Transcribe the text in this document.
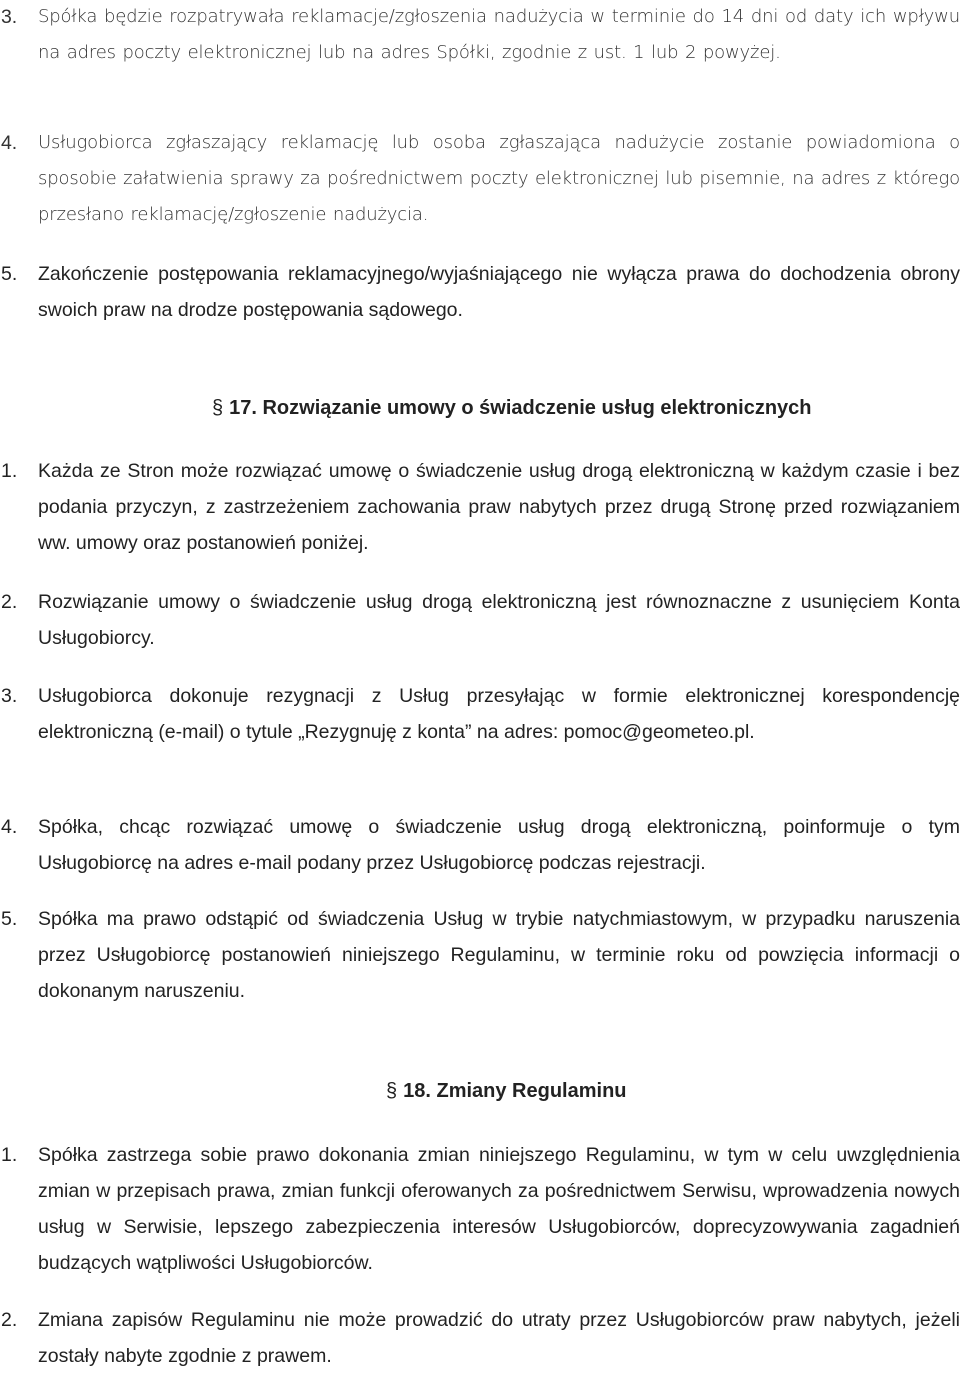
3.	Spółka będzie rozpatrywała reklamacje/zgłoszenia nadużycia w terminie do 14 dni od daty ich wpływu na adres poczty elektronicznej lub na adres Spółki, zgodnie z ust. 1 lub 2 powyżej.
4.	Usługobiorca zgłaszający reklamację lub osoba zgłaszająca nadużycie zostanie powiadomiona o sposobie załatwienia sprawy za pośrednictwem poczty elektronicznej lub pisemnie, na adres z którego przesłano reklamację/zgłoszenie nadużycia.
5.	Zakończenie postępowania reklamacyjnego/wyjaśniającego nie wyłącza prawa do dochodzenia obrony swoich praw na drodze postępowania sądowego.
§ 17. Rozwiązanie umowy o świadczenie usług elektronicznych
1.	Każda ze Stron może rozwiązać umowę o świadczenie usług drogą elektroniczną w każdym czasie i bez podania przyczyn, z zastrzeżeniem zachowania praw nabytych przez drugą Stronę przed rozwiązaniem ww. umowy oraz postanowień poniżej.
2.	Rozwiązanie umowy o świadczenie usług drogą elektroniczną jest równoznaczne z usunięciem Konta Usługobiorcy.
3.	Usługobiorca dokonuje rezygnacji z Usług przesyłając w formie elektronicznej korespondencję elektroniczną (e-mail) o tytule „Rezygnuję z konta” na adres: pomoc@geometeo.pl.
4.	Spółka, chcąc rozwiązać umowę o świadczenie usług drogą elektroniczną, poinformuje o tym Usługobiorcę na adres e-mail podany przez Usługobiorcę podczas rejestracji.
5.	Spółka ma prawo odstąpić od świadczenia Usług w trybie natychmiastowym, w przypadku naruszenia przez Usługobiorcę postanowień niniejszego Regulaminu, w terminie roku od powzięcia informacji o dokonanym naruszeniu.
§ 18. Zmiany Regulaminu
1.	Spółka zastrzega sobie prawo dokonania zmian niniejszego Regulaminu, w tym w celu uwzględnienia zmian w przepisach prawa, zmian funkcji oferowanych za pośrednictwem Serwisu, wprowadzenia nowych usług w Serwisie, lepszego zabezpieczenia interesów Usługobiorców, doprecyzowywania zagadnień budzących wątpliwości Usługobiorców.
2.	Zmiana zapisów Regulaminu nie może prowadzić do utraty przez Usługobiorców praw nabytych, jeżeli zostały nabyte zgodnie z prawem.
